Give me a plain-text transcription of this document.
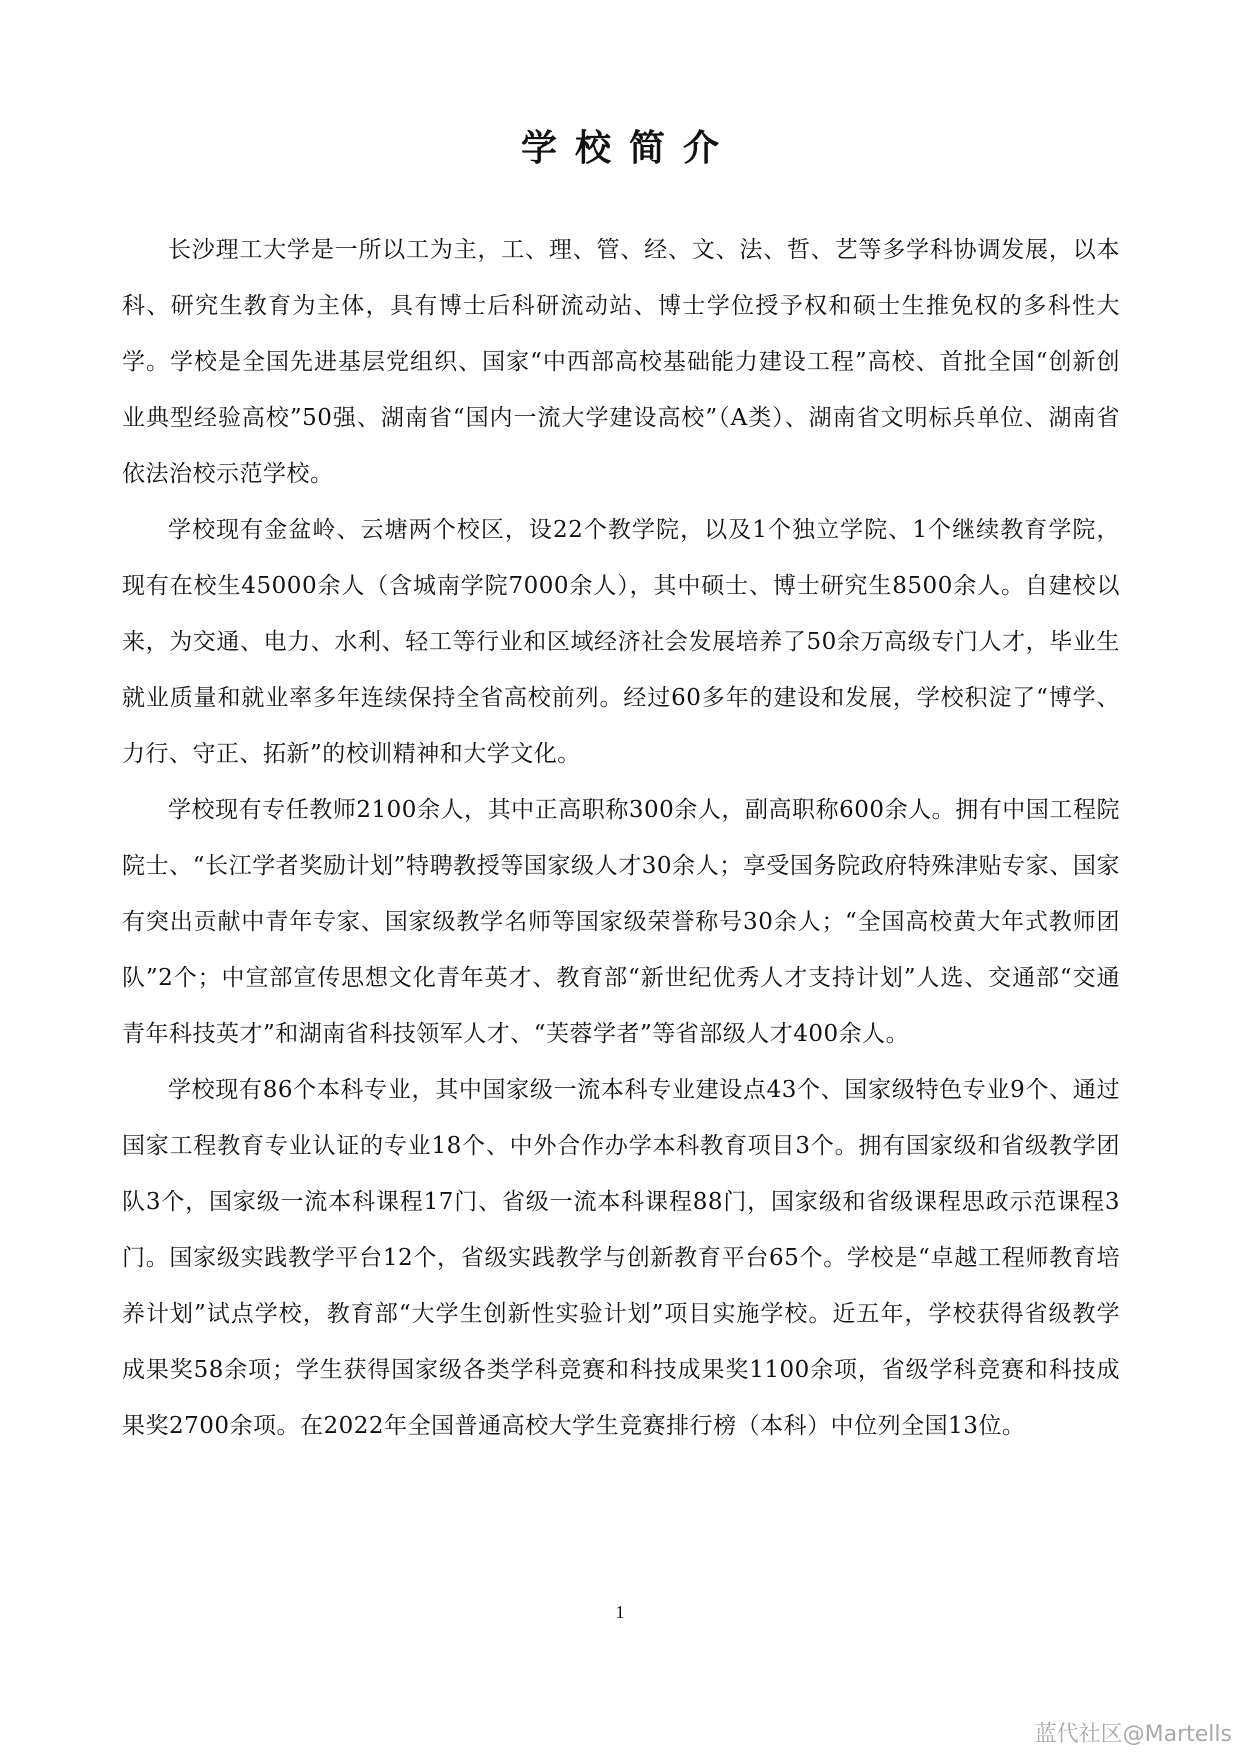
学校简介

长沙理工大学是一所以工为主，工、理、管、经、文、法、哲、艺等多学科协调发展，以本科、研究生教育为主体，具有博士后科研流动站、博士学位授予权和硕士生推免权的多科性大学。学校是全国先进基层党组织、国家“中西部高校基础能力建设工程”高校、首批全国“创新创业典型经验高校”50强、湖南省“国内一流大学建设高校”（A类）、湖南省文明标兵单位、湖南省依法治校示范学校。

学校现有金盆岭、云塘两个校区，设22个教学院，以及1个独立学院、1个继续教育学院，现有在校生45000余人（含城南学院7000余人），其中硕士、博士研究生8500余人。自建校以来，为交通、电力、水利、轻工等行业和区域经济社会发展培养了50余万高级专门人才，毕业生就业质量和就业率多年连续保持全省高校前列。经过60多年的建设和发展，学校积淀了“博学、力行、守正、拓新”的校训精神和大学文化。

学校现有专任教师2100余人，其中正高职称300余人，副高职称600余人。拥有中国工程院院士、“长江学者奖励计划”特聘教授等国家级人才30余人；享受国务院政府特殊津贴专家、国家有突出贡献中青年专家、国家级教学名师等国家级荣誉称号30余人；“全国高校黄大年式教师团队”2个；中宣部宣传思想文化青年英才、教育部“新世纪优秀人才支持计划”人选、交通部“交通青年科技英才”和湖南省科技领军人才、“芙蓉学者”等省部级人才400余人。

学校现有86个本科专业，其中国家级一流本科专业建设点43个、国家级特色专业9个、通过国家工程教育专业认证的专业18个、中外合作办学本科教育项目3个。拥有国家级和省级教学团队3个，国家级一流本科课程17门、省级一流本科课程88门，国家级和省级课程思政示范课程3门。国家级实践教学平台12个，省级实践教学与创新教育平台65个。学校是“卓越工程师教育培养计划”试点学校，教育部“大学生创新性实验计划”项目实施学校。近五年，学校获得省级教学成果奖58余项；学生获得国家级各类学科竞赛和科技成果奖1100余项，省级学科竞赛和科技成果奖2700余项。在2022年全国普通高校大学生竞赛排行榜（本科）中位列全国13位。

1

蓝代社区@Martells
